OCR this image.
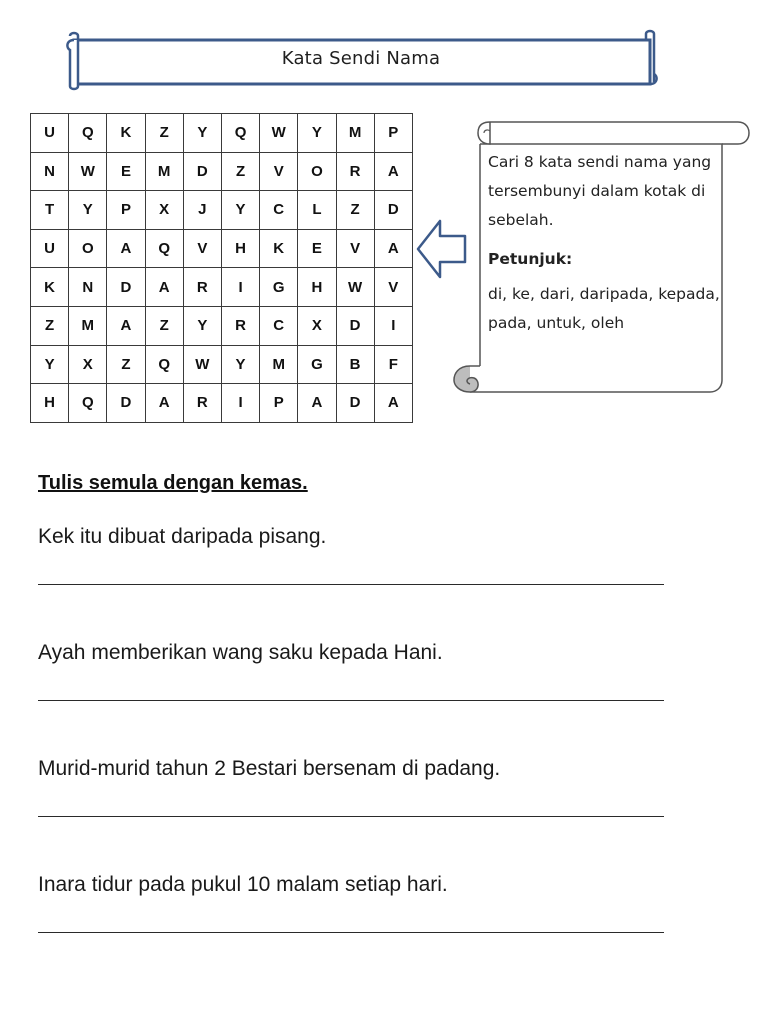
Kata Sendi Nama
U	Q	K	Z	Y	Q	W	Y	M	P
N	W	E	M	D	Z	V	O	R	A
T	Y	P	X	J	Y	C	L	Z	D
U	O	A	Q	V	H	K	E	V	A
K	N	D	A	R	I	G	H	W	V
Z	M	A	Z	Y	R	C	X	D	I
Y	X	Z	Q	W	Y	M	G	B	F
H	Q	D	A	R	I	P	A	D	A
Cari 8 kata sendi nama yang tersembunyi dalam kotak di sebelah.
Petunjuk:
di, ke, dari, daripada, kepada, pada, untuk, oleh
Tulis semula dengan kemas.
Kek itu dibuat daripada pisang.
Ayah memberikan wang saku kepada Hani.
Murid-murid tahun 2 Bestari bersenam di padang.
Inara tidur pada pukul 10 malam setiap hari.
